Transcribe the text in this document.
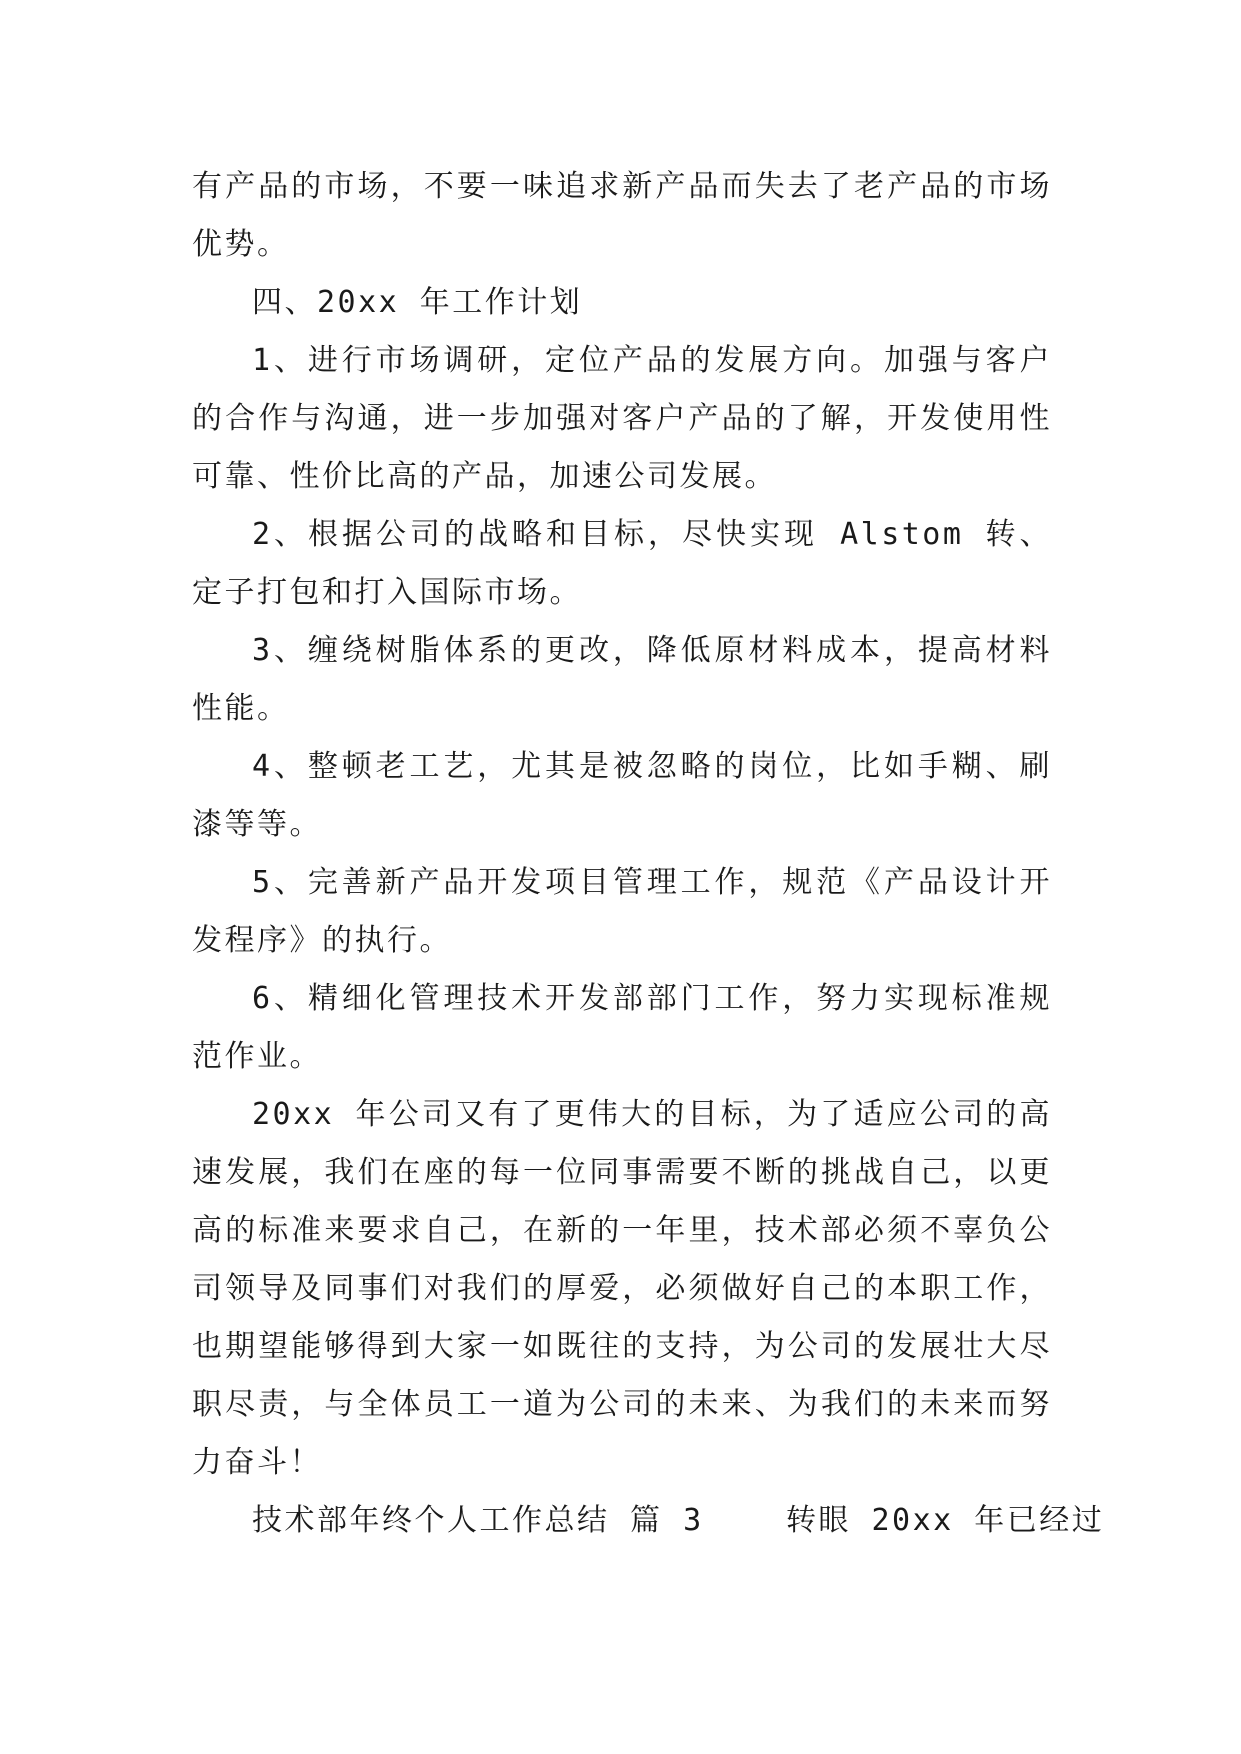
有产品的市场，不要一味追求新产品而失去了老产品的市场优势。

四、20xx 年工作计划

1、进行市场调研，定位产品的发展方向。加强与客户的合作与沟通，进一步加强对客户产品的了解，开发使用性可靠、性价比高的产品，加速公司发展。

2、根据公司的战略和目标，尽快实现 Alstom 转、定子打包和打入国际市场。

3、缠绕树脂体系的更改，降低原材料成本，提高材料性能。

4、整顿老工艺，尤其是被忽略的岗位，比如手糊、刷漆等等。

5、完善新产品开发项目管理工作，规范《产品设计开发程序》的执行。

6、精细化管理技术开发部部门工作，努力实现标准规范作业。

20xx 年公司又有了更伟大的目标，为了适应公司的高速发展，我们在座的每一位同事需要不断的挑战自己，以更高的标准来要求自己，在新的一年里，技术部必须不辜负公司领导及同事们对我们的厚爱，必须做好自己的本职工作，也期望能够得到大家一如既往的支持，为公司的发展壮大尽职尽责，与全体员工一道为公司的未来、为我们的未来而努力奋斗！

技术部年终个人工作总结 篇 3	转眼 20xx 年已经过
